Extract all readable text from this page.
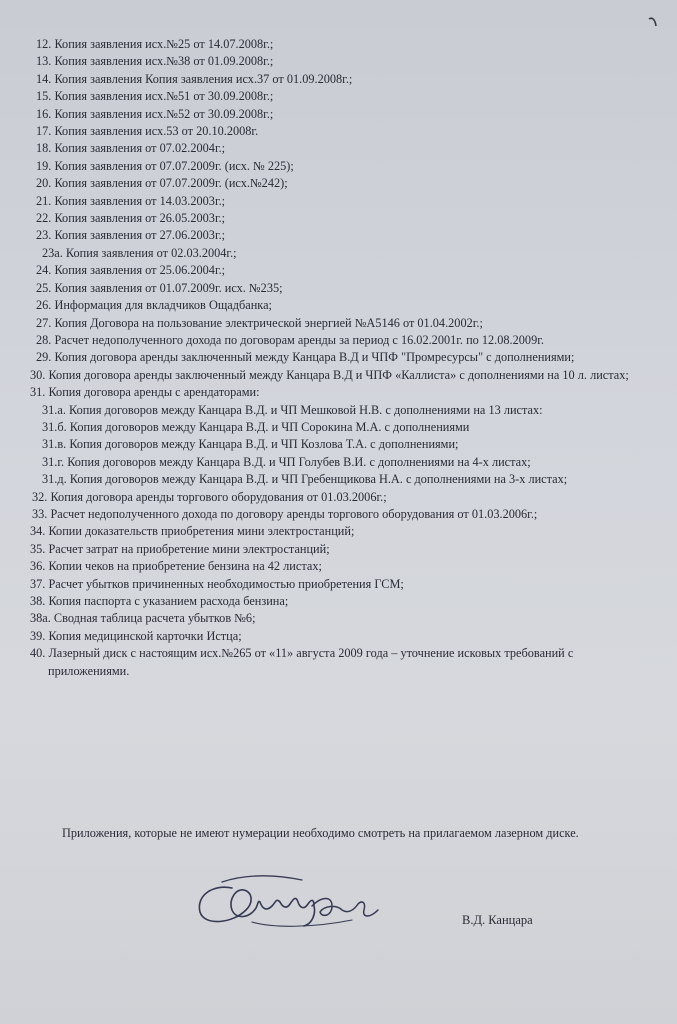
12. Копия заявления исх.№25 от 14.07.2008г.;
13. Копия заявления исх.№38 от 01.09.2008г.;
14. Копия заявления Копия заявления исх.37 от 01.09.2008г.;
15. Копия заявления исх.№51 от 30.09.2008г.;
16. Копия заявления исх.№52 от 30.09.2008г.;
17. Копия заявления исх.53 от 20.10.2008г.
18. Копия заявления от 07.02.2004г.;
19. Копия заявления от 07.07.2009г. (исх. № 225);
20. Копия заявления от 07.07.2009г. (исх.№242);
21. Копия заявления от 14.03.2003г.;
22. Копия заявления от 26.05.2003г.;
23. Копия заявления от 27.06.2003г.;
23а. Копия заявления от 02.03.2004г.;
24. Копия заявления от 25.06.2004г.;
25. Копия заявления от 01.07.2009г. исх. №235;
26. Информация для вкладчиков Ощадбанка;
27. Копия Договора на пользование электрической энергией №А5146 от 01.04.2002г.;
28. Расчет недополученного дохода по договорам аренды за период с 16.02.2001г. по 12.08.2009г.
29. Копия договора аренды заключенный между Канцара В.Д и ЧПФ "Промресурсы" с дополнениями;
30. Копия договора аренды заключенный между Канцара В.Д и ЧПФ «Каллиста» с дополнениями на 10 л. листах;
31. Копия договора аренды с арендаторами:
31.а. Копия договоров между Канцара В.Д. и ЧП Мешковой Н.В. с дополнениями на 13 листах:
31.б. Копия договоров между Канцара В.Д. и ЧП Сорокина М.А. с дополнениями
31.в. Копия договоров между Канцара В.Д. и ЧП Козлова Т.А. с дополнениями;
31.г. Копия договоров между Канцара В.Д. и ЧП Голубев В.И. с дополнениями на 4-х листах;
31.д. Копия договоров между Канцара В.Д. и ЧП Гребенщикова Н.А. с дополнениями на 3-х листах;
32. Копия договора аренды торгового оборудования от 01.03.2006г.;
33. Расчет недополученного дохода по договору аренды торгового оборудования от 01.03.2006г.;
34. Копии доказательств приобретения мини электростанций;
35. Расчет затрат на приобретение мини электростанций;
36. Копии чеков на приобретение бензина на 42 листах;
37. Расчет убытков причиненных необходимостью приобретения ГСМ;
38. Копия паспорта с указанием расхода бензина;
38а. Сводная таблица расчета убытков №6;
39. Копия медицинской карточки Истца;
40. Лазерный диск с настоящим исх.№265 от «11» августа 2009 года – уточнение исковых требований с приложениями.
Приложения, которые не имеют нумерации необходимо смотреть на прилагаемом лазерном диске.
В.Д. Канцара
